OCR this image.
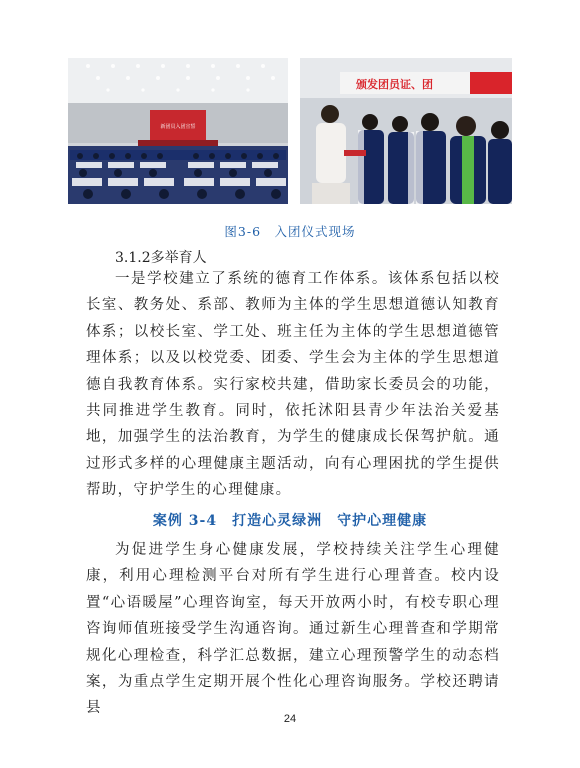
新团员入团宣誓
颁发团员证、团
图3-6　入团仪式现场
3.1.2多举育人

一是学校建立了系统的德育工作体系。该体系包括以校长室、教务处、系部、教师为主体的学生思想道德认知教育体系；以校长室、学工处、班主任为主体的学生思想道德管理体系；以及以校党委、团委、学生会为主体的学生思想道德自我教育体系。实行家校共建，借助家长委员会的功能，共同推进学生教育。同时，依托沭阳县青少年法治关爱基地，加强学生的法治教育，为学生的健康成长保驾护航。通过形式多样的心理健康主题活动，向有心理困扰的学生提供帮助，守护学生的心理健康。

案例 3-4　打造心灵绿洲　守护心理健康

为促进学生身心健康发展，学校持续关注学生心理健康，利用心理检测平台对所有学生进行心理普查。校内设置“心语暖屋”心理咨询室，每天开放两小时，有校专职心理咨询师值班接受学生沟通咨询。通过新生心理普查和学期常规化心理检查，科学汇总数据，建立心理预警学生的动态档案，为重点学生定期开展个性化心理咨询服务。学校还聘请县

24
